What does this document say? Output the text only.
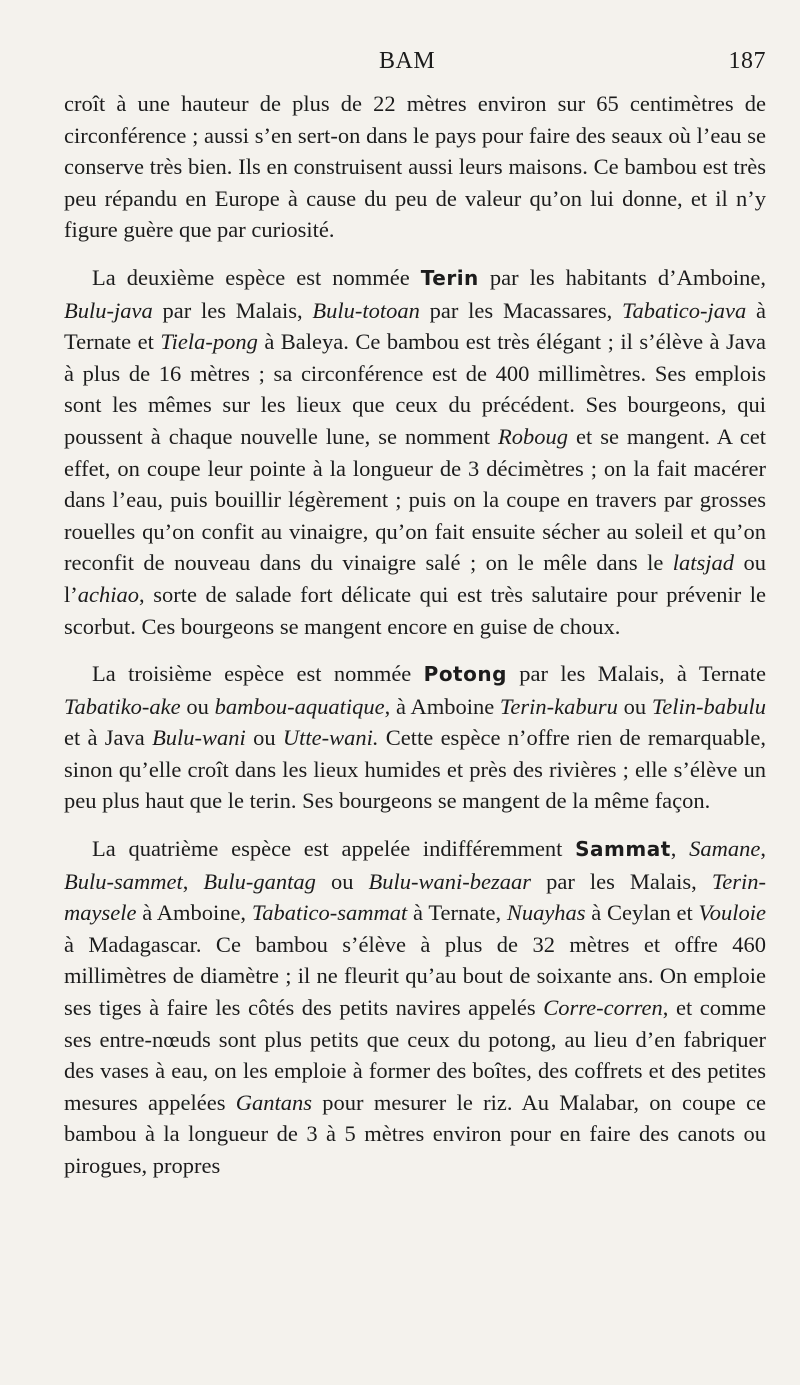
BAM	187

croît à une hauteur de plus de 22 mètres environ sur 65 centimètres de circonférence ; aussi s’en sert-on dans le pays pour faire des seaux où l’eau se conserve très bien. Ils en construisent aussi leurs maisons. Ce bambou est très peu répandu en Europe à cause du peu de valeur qu’on lui donne, et il n’y figure guère que par curiosité.

La deuxième espèce est nommée Terin par les habitants d’Amboine, Bulu-java par les Malais, Bulu-totoan par les Macassares, Tabatico-java à Ternate et Tiela-pong à Baleya. Ce bambou est très élégant ; il s’élève à Java à plus de 16 mètres ; sa circonférence est de 400 millimètres. Ses emplois sont les mêmes sur les lieux que ceux du précédent. Ses bourgeons, qui poussent à chaque nouvelle lune, se nomment Roboug et se mangent. A cet effet, on coupe leur pointe à la longueur de 3 décimètres ; on la fait macérer dans l’eau, puis bouillir légèrement ; puis on la coupe en travers par grosses rouelles qu’on confit au vinaigre, qu’on fait ensuite sécher au soleil et qu’on reconfit de nouveau dans du vinaigre salé ; on le mêle dans le latsjad ou l’achiao, sorte de salade fort délicate qui est très salutaire pour prévenir le scorbut. Ces bourgeons se mangent encore en guise de choux.

La troisième espèce est nommée Potong par les Malais, à Ternate Tabatiko-ake ou bambou-aquatique, à Amboine Terin-kaburu ou Telin-babulu et à Java Bulu-wani ou Utte-wani. Cette espèce n’offre rien de remarquable, sinon qu’elle croît dans les lieux humides et près des rivières ; elle s’élève un peu plus haut que le terin. Ses bourgeons se mangent de la même façon.

La quatrième espèce est appelée indifféremment Sammat, Samane, Bulu-sammet, Bulu-gantag ou Bulu-wani-bezaar par les Malais, Terin-maysele à Amboine, Tabatico-sammat à Ternate, Nuayhas à Ceylan et Vouloie à Madagascar. Ce bambou s’élève à plus de 32 mètres et offre 460 millimètres de diamètre ; il ne fleurit qu’au bout de soixante ans. On emploie ses tiges à faire les côtés des petits navires appelés Corre-corren, et comme ses entre-nœuds sont plus petits que ceux du potong, au lieu d’en fabriquer des vases à eau, on les emploie à former des boîtes, des coffrets et des petites mesures appelées Gantans pour mesurer le riz. Au Malabar, on coupe ce bambou à la longueur de 3 à 5 mètres environ pour en faire des canots ou pirogues, propres
